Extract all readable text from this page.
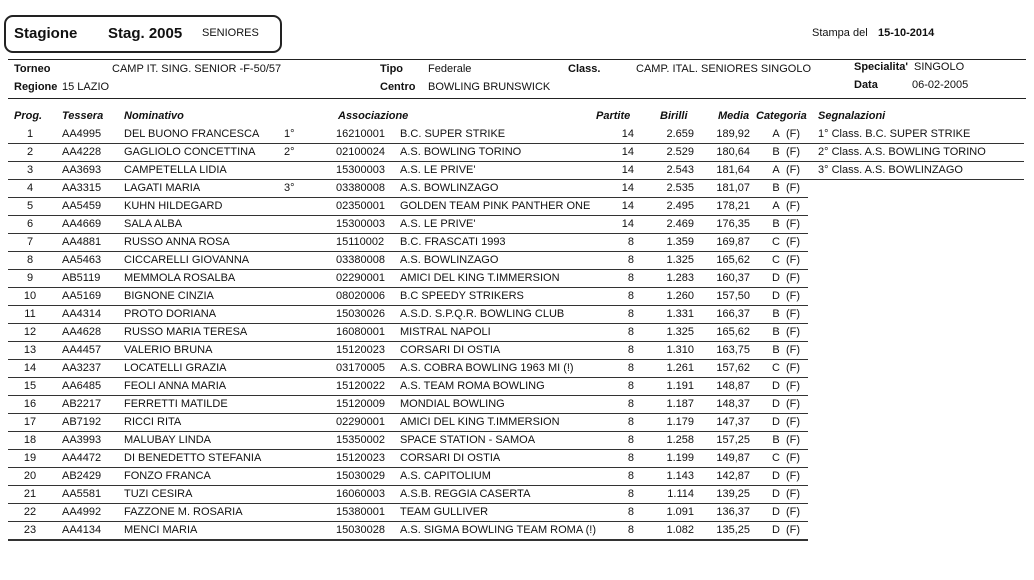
Stagione Stag. 2005 SENIORES	Stampa del 15-10-2014
Torneo	CAMP IT. SING. SENIOR -F-50/57
Regione 15 LAZIO
Tipo Federale
Centro BOWLING BRUNSWICK
Class.	CAMP. ITAL. SENIORES SINGOLO	Specialita' SINGOLO
Data	06-02-2005
Prog. Tessera Nominativo	Associazione	Partite	Birilli	Media Categoria Segnalazioni
1	AA4995	DEL BUONO FRANCESCA	1°	16210001	B.C. SUPER STRIKE	14	2.659	189,92 A (F)	1° Class. B.C. SUPER STRIKE
2	AA4228	GAGLIOLO CONCETTINA	2°	02100024	A.S. BOWLING TORINO	14	2.529	180,64 B (F)	2° Class. A.S. BOWLING TORINO
3	AA3693	CAMPETELLA LIDIA	15300003	A.S. LE PRIVE'	14	2.543	181,64 A (F)	3° Class. A.S. BOWLINZAGO
4	AA3315	LAGATI MARIA	3°	03380008	A.S. BOWLINZAGO	14	2.535	181,07 B (F)
5	AA5459	KUHN HILDEGARD	02350001	GOLDEN TEAM PINK PANTHER ONE	14	2.495	178,21 A (F)
6	AA4669	SALA ALBA	15300003	A.S. LE PRIVE'	14	2.469	176,35 B (F)
7	AA4881	RUSSO ANNA ROSA	15110002	B.C. FRASCATI 1993	8	1.359	169,87 C (F)
8	AA5463	CICCARELLI GIOVANNA	03380008	A.S. BOWLINZAGO	8	1.325	165,62 C (F)
9	AB5119	MEMMOLA ROSALBA	02290001	AMICI DEL KING T.IMMERSION	8	1.283	160,37 D (F)
10	AA5169	BIGNONE CINZIA	08020006	B.C SPEEDY STRIKERS	8	1.260	157,50 D (F)
11	AA4314	PROTO DORIANA	15030026	A.S.D. S.P.Q.R. BOWLING CLUB	8	1.331	166,37 B (F)
12	AA4628	RUSSO MARIA TERESA	16080001	MISTRAL NAPOLI	8	1.325	165,62 B (F)
13	AA4457	VALERIO BRUNA	15120023	CORSARI DI OSTIA	8	1.310	163,75 B (F)
14	AA3237	LOCATELLI GRAZIA	03170005	A.S. COBRA BOWLING 1963 MI (!)	8	1.261	157,62 C (F)
15	AA6485	FEOLI ANNA MARIA	15120022	A.S. TEAM ROMA BOWLING	8	1.191	148,87 D (F)
16	AB2217	FERRETTI MATILDE	15120009	MONDIAL BOWLING	8	1.187	148,37 D (F)
17	AB7192	RICCI RITA	02290001	AMICI DEL KING T.IMMERSION	8	1.179	147,37 D (F)
18	AA3993	MALUBAY LINDA	15350002	SPACE STATION - SAMOA	8	1.258	157,25 B (F)
19	AA4472	DI BENEDETTO STEFANIA	15120023	CORSARI DI OSTIA	8	1.199	149,87 C (F)
20	AB2429	FONZO FRANCA	15030029	A.S. CAPITOLIUM	8	1.143	142,87 D (F)
21	AA5581	TUZI CESIRA	16060003	A.S.B. REGGIA CASERTA	8	1.114	139,25 D (F)
22	AA4992	FAZZONE M. ROSARIA	15380001	TEAM GULLIVER	8	1.091	136,37 D (F)
23	AA4134	MENCI MARIA	15030028	A.S. SIGMA BOWLING TEAM ROMA (!)	8	1.082	135,25 D (F)
